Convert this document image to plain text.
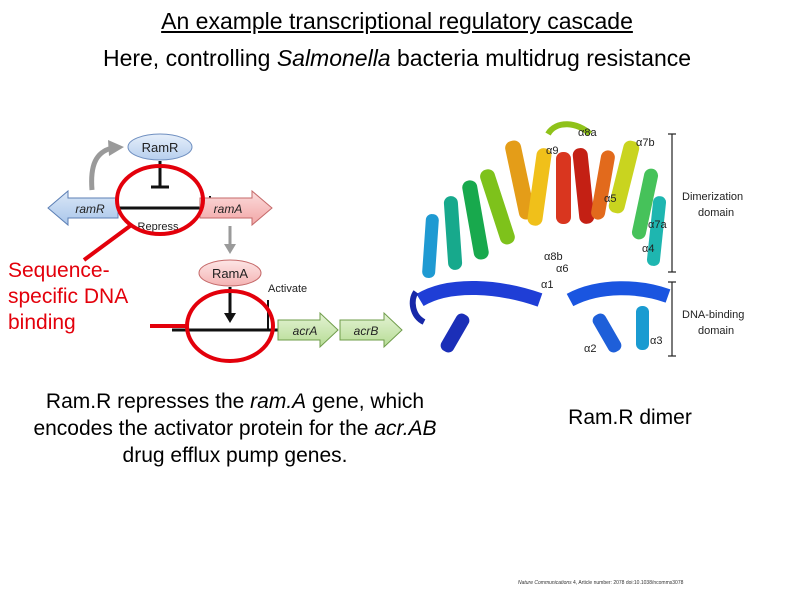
An example transcriptional regulatory cascade
Here, controlling Salmonella bacteria multidrug resistance
RamR
ramR	ramA
Repress
RamA
Activate
acrA	acrB
α8a
α7b
α9
α5
α7a
α4
α8b
α6
α1
α2
α3
Dimerization
domain
DNA-binding
domain
Sequence-
specific DNA
binding
Ram.R represses the ram.A gene, which encodes the activator protein for the acr.AB drug efflux pump genes.
Ram.R dimer
Nature Communications 4, Article number: 2078 doi:10.1038/ncomms3078
